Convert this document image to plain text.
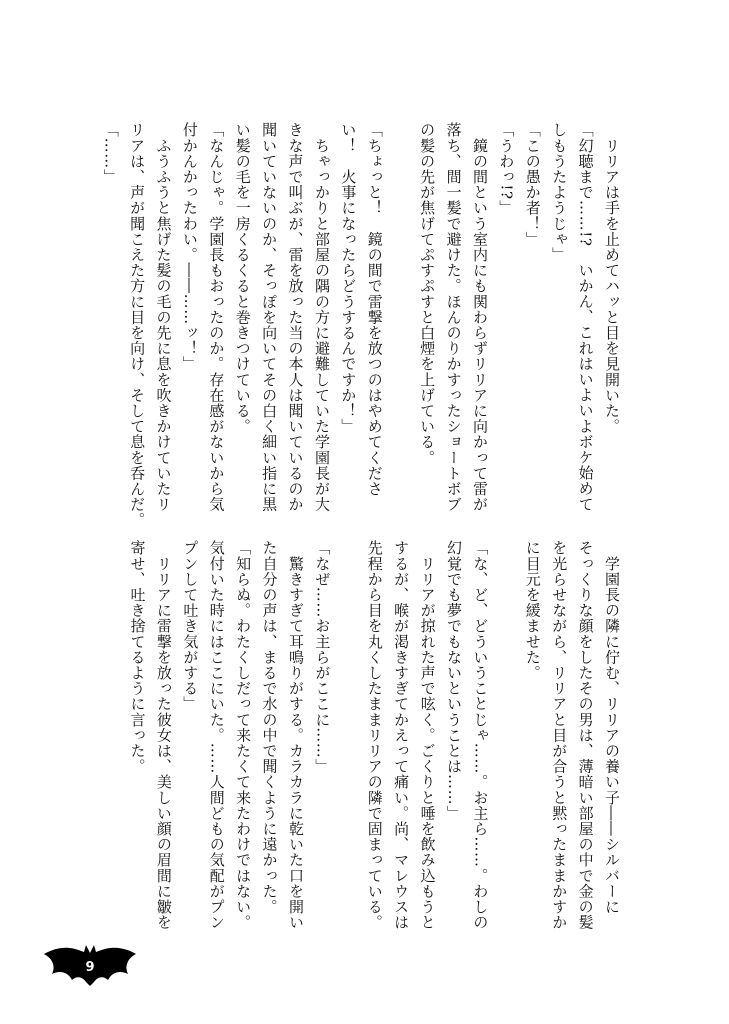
　リリアは手を止めてハッと目を見開いた。
「幻聴まで……!?　いかん、これはいよいよボケ始めて
しもうたようじゃ」
「この愚か者！」
「うわっ!?」
　鏡の間という室内にも関わらずリリアに向かって雷が
落ち、間一髪で避けた。ほんのりかすったショートボブ
の髪の先が焦げてぷすぷすと白煙を上げている。
「ちょっと！　鏡の間で雷撃を放つのはやめてくださ
い！　火事になったらどうするんですか！」
　ちゃっかりと部屋の隅の方に避難していた学園長が大
きな声で叫ぶが、雷を放った当の本人は聞いているのか
聞いていないのか、そっぽを向いてその白く細い指に黒
い髪の毛を一房くるくると巻きつけている。
「なんじゃ。学園長もおったのか。存在感がないから気
付かんかったわい。――……ッ！」
　ふうふうと焦げた髪の毛の先に息を吹きかけていたリ
リアは、声が聞こえた方に目を向け、そして息を呑んだ。
「……」
　学園長の隣に佇む、リリアの養い子――シルバーに
そっくりな顔をしたその男は、薄暗い部屋の中で金の髪
を光らせながら、リリアと目が合うと黙ったままかすか
に目元を緩ませた。
「な、ど、どういうことじゃ……。お主ら……。わしの
幻覚でも夢でもないということは……」
　リリアが掠れた声で呟く。ごくりと唾を飲み込もうと
するが、喉が渇きすぎてかえって痛い。尚、マレウスは
先程から目を丸くしたままリリアの隣で固まっている。
「なぜ……お主らがここに……」
　驚きすぎて耳鳴りがする。カラカラに乾いた口を開い
た自分の声は、まるで水の中で聞くように遠かった。
「知らぬ。わたくしだって来たくて来たわけではない。
気付いた時にはここにいた。……人間どもの気配がプン
プンして吐き気がする」
　リリアに雷撃を放った彼女は、美しい顔の眉間に皺を
寄せ、吐き捨てるように言った。
9
